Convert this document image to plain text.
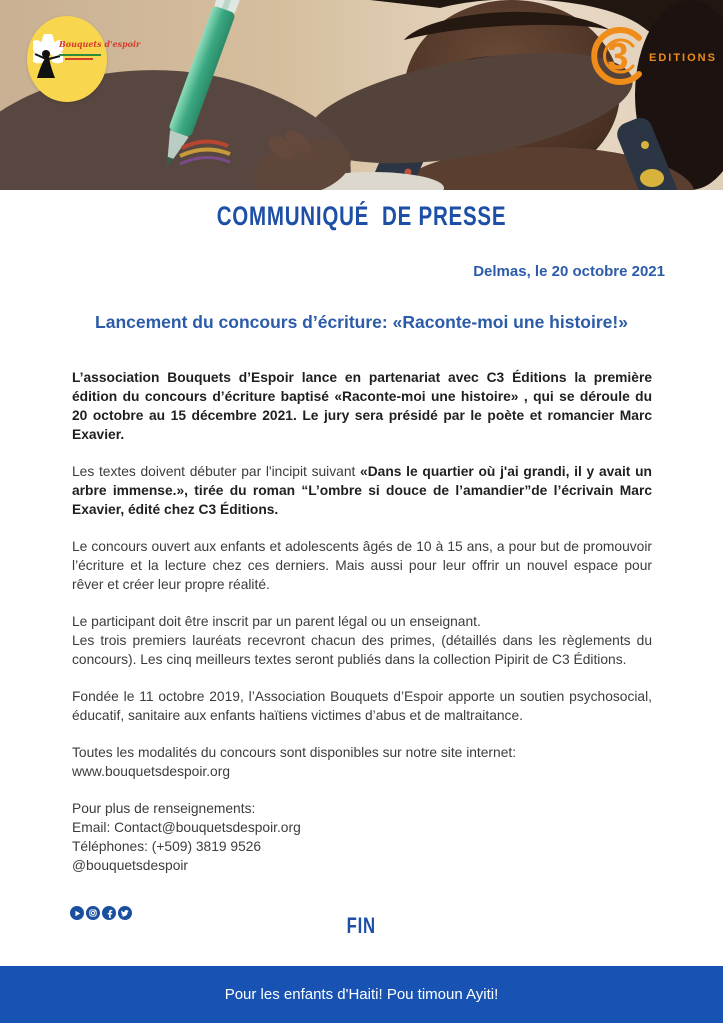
Bouquets d'espoir	3 EDITIONS
COMMUNIQUÉ  DE PRESSE
Delmas, le 20 octobre 2021
Lancement du concours d’écriture: «Raconte-moi une histoire!»

L’association Bouquets d’Espoir lance en partenariat avec C3 Éditions la première édition du concours d’écriture baptisé «Raconte-moi une histoire» , qui se déroule du 20 octobre au 15 décembre 2021. Le jury sera présidé par le poète et romancier Marc Exavier.

Les textes doivent débuter par l'incipit suivant «Dans le quartier où j'ai grandi, il y avait un arbre immense.», tirée du roman “L’ombre si douce de l’amandier”de l’écrivain Marc Exavier, édité chez C3 Éditions.

Le concours ouvert aux enfants et adolescents âgés de 10 à 15 ans, a pour but de promouvoir l’écriture et la lecture chez ces derniers. Mais aussi pour leur offrir un nouvel espace pour rêver et créer leur propre réalité.

Le participant doit être inscrit par un parent légal ou un enseignant.
Les trois premiers lauréats recevront chacun des primes, (détaillés dans les règlements du concours). Les cinq meilleurs textes seront publiés dans la collection Pipirit de C3 Éditions.

Fondée le 11 octobre 2019, l’Association Bouquets d’Espoir apporte un soutien psychosocial, éducatif, sanitaire aux enfants haïtiens victimes d’abus et de maltraitance.

Toutes les modalités du concours sont disponibles sur notre site internet:
www.bouquetsdespoir.org

Pour plus de renseignements:
Email: Contact@bouquetsdespoir.org
Téléphones: (+509) 3819 9526
@bouquetsdespoir

FIN
Pour les enfants d'Haiti! Pou timoun Ayiti!
